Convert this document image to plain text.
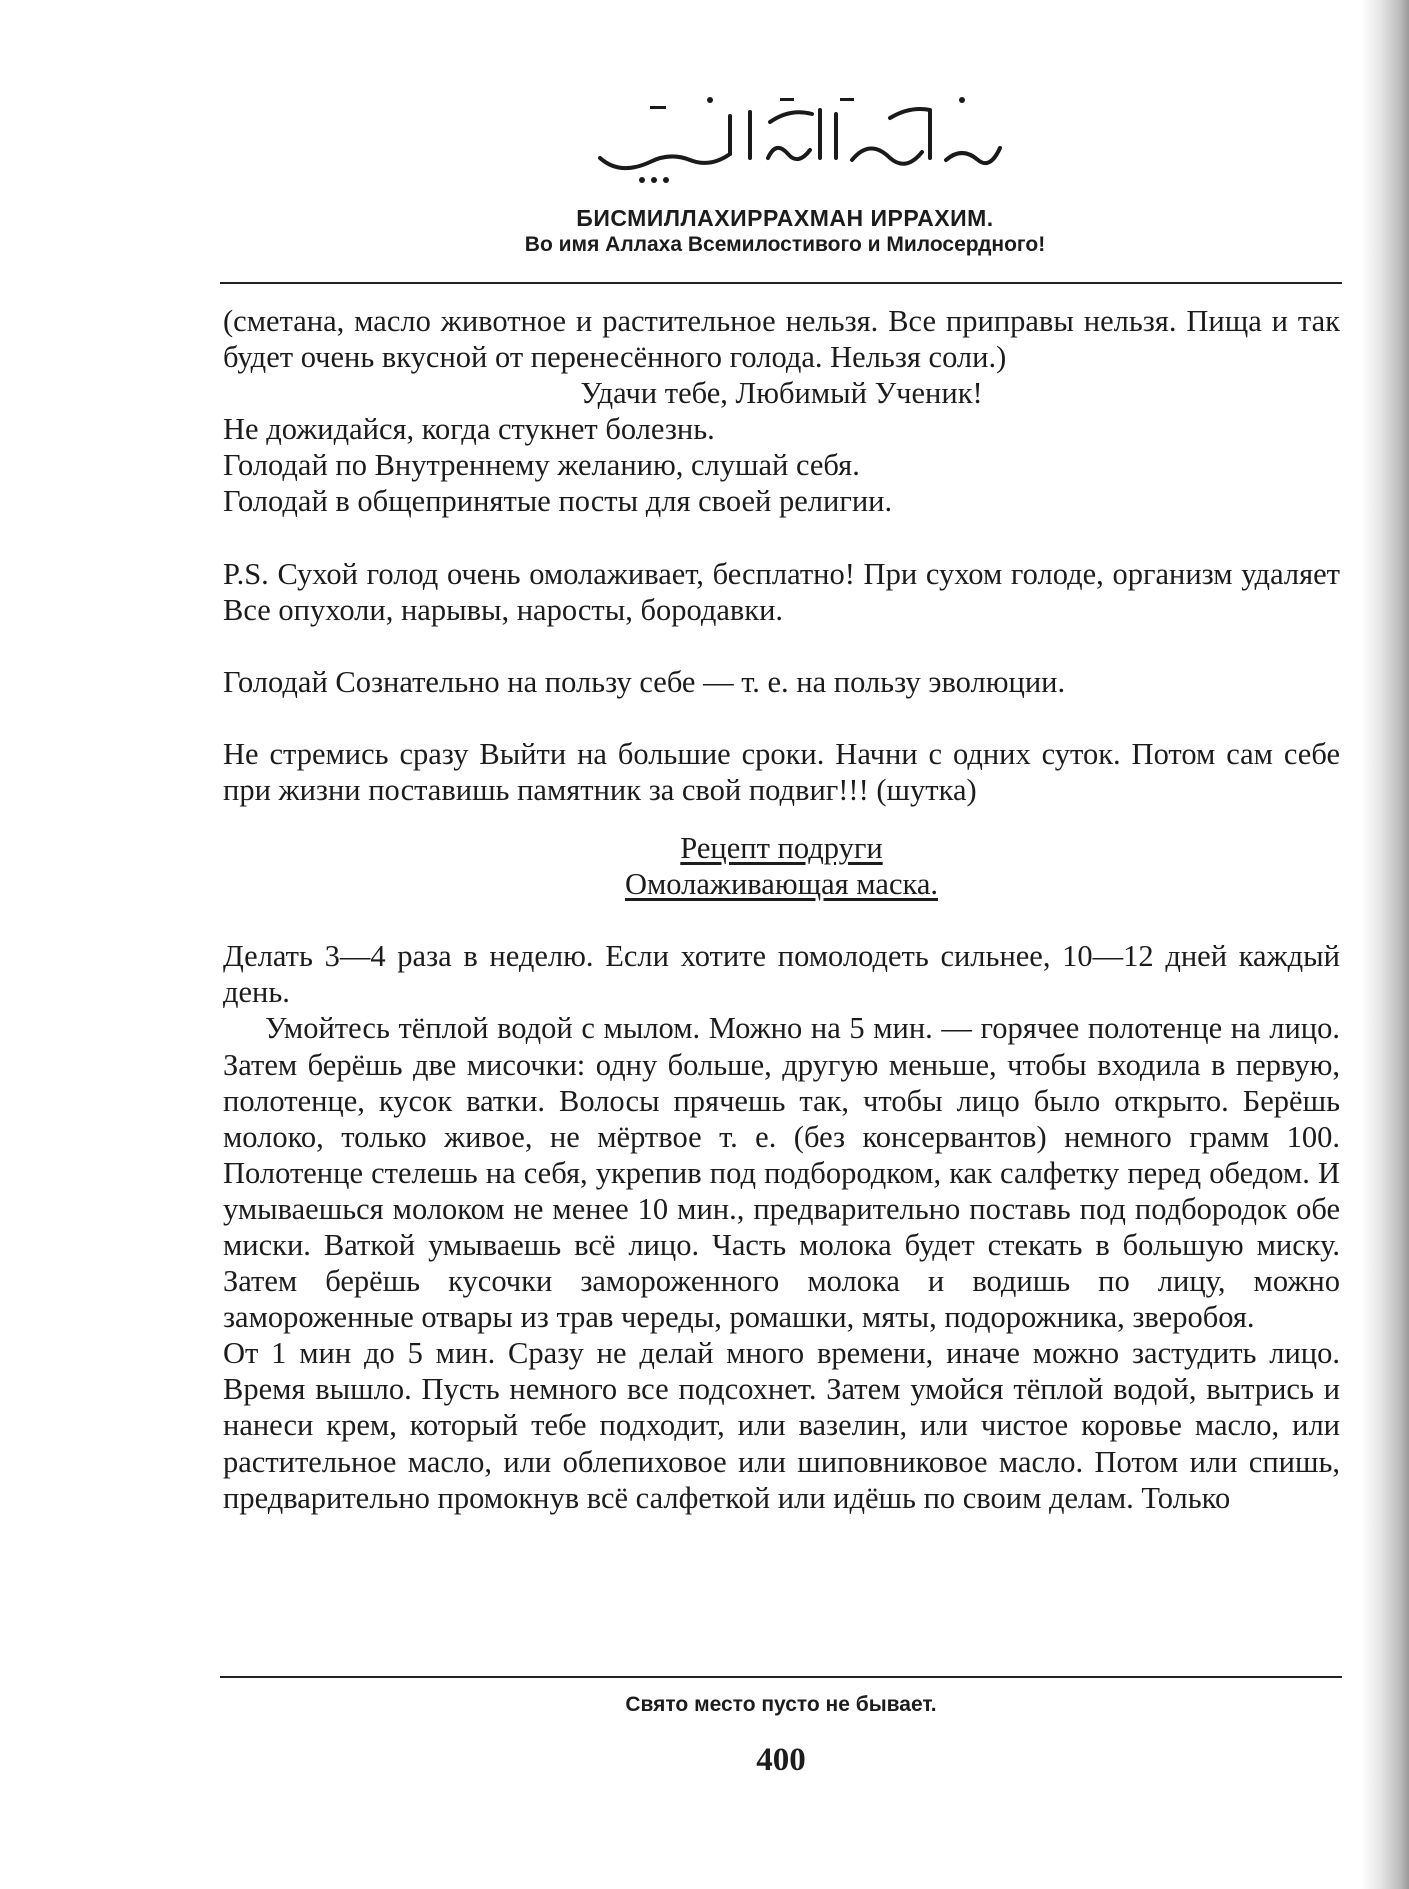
БИСМИЛЛАХИРРАХМАН ИРРАХИМ.
Во имя Аллаха Всемилостивого и Милосердного!

(сметана, масло животное и растительное нельзя. Все приправы нельзя. Пища и так будет очень вкусной от перенесённого голода. Нельзя соли.)

Удачи тебе, Любимый Ученик!

Не дожидайся, когда стукнет болезнь.

Голодай по Внутреннему желанию, слушай себя.

Голодай в общепринятые посты для своей религии.

P.S. Сухой голод очень омолаживает, бесплатно! При сухом голоде, организм удаляет Все опухоли, нарывы, наросты, бородавки.

Голодай Сознательно на пользу себе — т. е. на пользу эволюции.

Не стремись сразу Выйти на большие сроки. Начни с одних суток. Потом сам себе при жизни поставишь памятник за свой подвиг!!! (шутка)

Рецепт подруги

Омолаживающая маска.

Делать 3—4 раза в неделю. Если хотите помолодеть сильнее, 10—12 дней каждый день.

Умойтесь тёплой водой с мылом. Можно на 5 мин. — горячее полотенце на лицо. Затем берёшь две мисочки: одну больше, другую меньше, чтобы входила в первую, полотенце, кусок ватки. Волосы прячешь так, чтобы лицо было открыто. Берёшь молоко, только живое, не мёртвое т. е. (без консервантов) немного грамм 100. Полотенце стелешь на себя, укрепив под подбородком, как салфетку перед обедом. И умываешься молоком не менее 10 мин., предварительно поставь под подбородок обе миски. Ваткой умываешь всё лицо. Часть молока будет стекать в большую миску. Затем берёшь кусочки замороженного молока и водишь по лицу, можно замороженные отвары из трав череды, ромашки, мяты, подорожника, зверобоя.

От 1 мин до 5 мин. Сразу не делай много времени, иначе можно застудить лицо. Время вышло. Пусть немного все подсохнет. Затем умойся тёплой водой, вытрись и нанеси крем, который тебе подходит, или вазелин, или чистое коровье масло, или растительное масло, или облепиховое или шиповниковое масло. Потом или спишь, предварительно промокнув всё салфеткой или идёшь по своим делам. Только

Свято место пусто не бывает.
400
